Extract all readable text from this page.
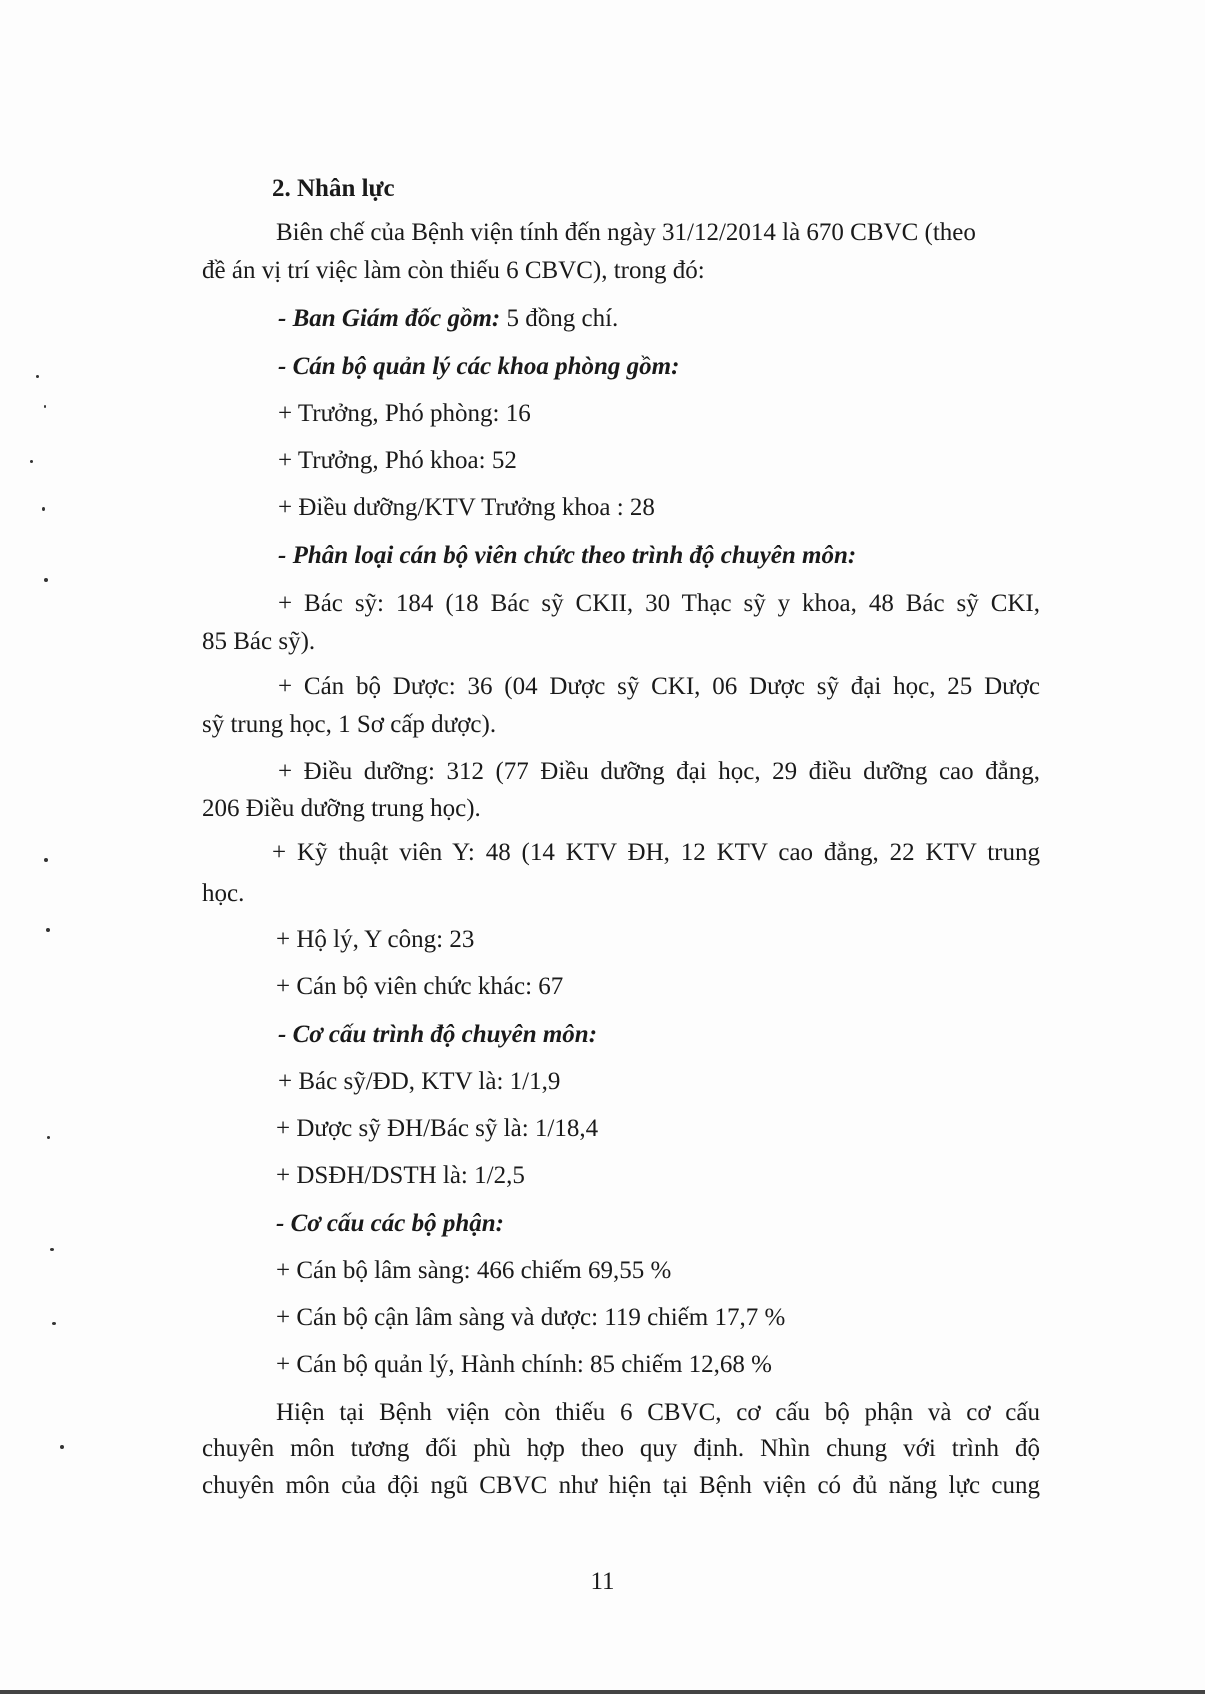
2. Nhân lực
Biên chế của Bệnh viện tính đến ngày 31/12/2014 là 670 CBVC (theo
đề án vị trí việc làm còn thiếu 6 CBVC), trong đó:
- Ban Giám đốc gồm: 5 đồng chí.
- Cán bộ quản lý các khoa phòng gồm:
+ Trưởng, Phó phòng: 16
+ Trưởng, Phó khoa: 52
+ Điều dưỡng/KTV Trưởng khoa : 28
- Phân loại cán bộ viên chức theo trình độ chuyên môn:
+ Bác sỹ: 184 (18 Bác sỹ CKII, 30 Thạc sỹ y khoa, 48 Bác sỹ CKI,
85 Bác sỹ).
+ Cán bộ Dược: 36 (04 Dược sỹ CKI, 06 Dược sỹ đại học, 25 Dược
sỹ trung học, 1 Sơ cấp dược).
+ Điều dưỡng: 312 (77 Điều dưỡng đại học, 29 điều dưỡng cao đẳng,
206 Điều dưỡng trung học).
+ Kỹ thuật viên Y: 48 (14 KTV ĐH, 12 KTV cao đẳng, 22 KTV trung
học.
+ Hộ lý, Y công: 23
+ Cán bộ viên chức khác: 67
- Cơ cấu trình độ chuyên môn:
+ Bác sỹ/ĐD, KTV là: 1/1,9
+ Dược sỹ ĐH/Bác sỹ là: 1/18,4
+ DSĐH/DSTH là: 1/2,5
- Cơ cấu các bộ phận:
+ Cán bộ lâm sàng: 466 chiếm 69,55 %
+ Cán bộ cận lâm sàng và dược: 119 chiếm 17,7 %
+ Cán bộ quản lý, Hành chính: 85 chiếm 12,68 %
Hiện tại Bệnh viện còn thiếu 6 CBVC, cơ cấu bộ phận và cơ cấu
chuyên môn tương đối phù hợp theo quy định. Nhìn chung với trình độ
chuyên môn của đội ngũ CBVC như hiện tại Bệnh viện có đủ năng lực cung
11
